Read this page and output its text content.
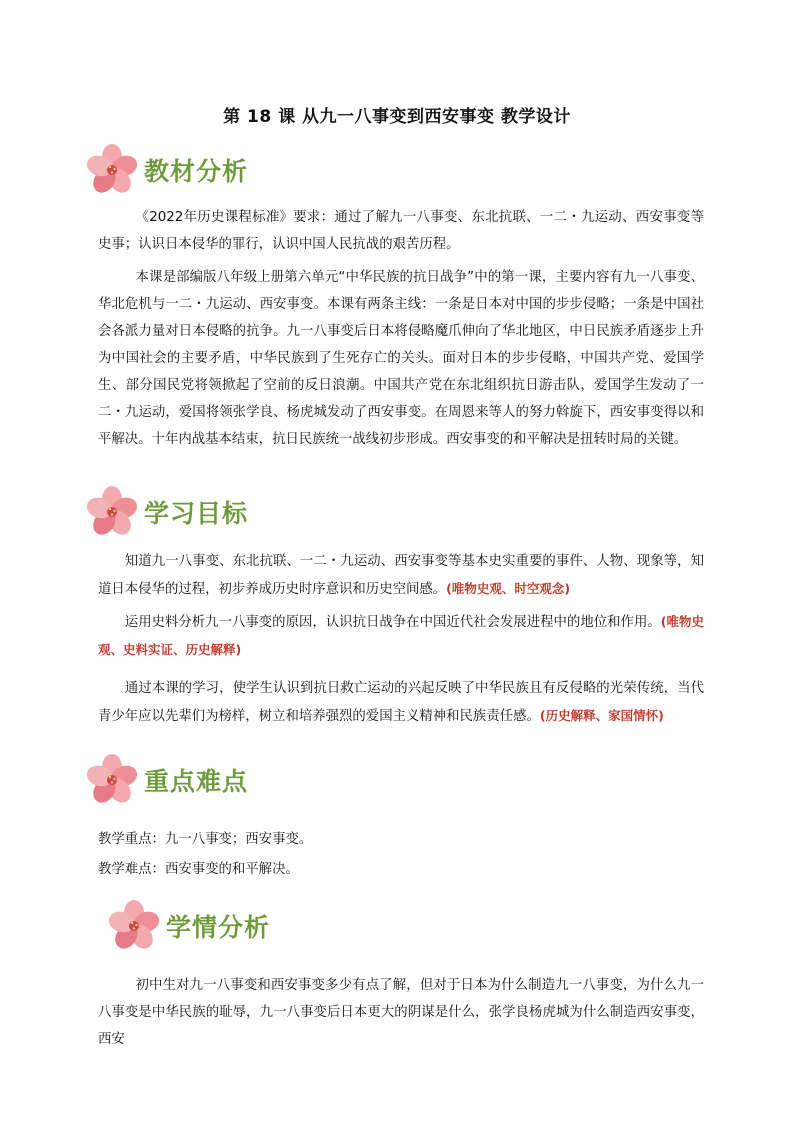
第 18 课 从九一八事变到西安事变 教学设计
教材分析
《2022年历史课程标准》要求：通过了解九一八事变、东北抗联、一二・九运动、西安事变等史事；认识日本侵华的罪行，认识中国人民抗战的艰苦历程。
本课是部编版八年级上册第六单元“中华民族的抗日战争”中的第一课，主要内容有九一八事变、华北危机与一二・九运动、西安事变。本课有两条主线：一条是日本对中国的步步侵略；一条是中国社会各派力量对日本侵略的抗争。九一八事变后日本将侵略魔爪伸向了华北地区，中日民族矛盾逐步上升为中国社会的主要矛盾，中华民族到了生死存亡的关头。面对日本的步步侵略，中国共产党、爱国学生、部分国民党将领掀起了空前的反日浪潮。中国共产党在东北组织抗日游击队，爱国学生发动了一二・九运动，爱国将领张学良、杨虎城发动了西安事变。在周恩来等人的努力斡旋下，西安事变得以和平解决。十年内战基本结束，抗日民族统一战线初步形成。西安事变的和平解决是扭转时局的关键。
学习目标
知道九一八事变、东北抗联、一二・九运动、西安事变等基本史实重要的事件、人物、现象等，知道日本侵华的过程，初步养成历史时序意识和历史空间感。(唯物史观、时空观念)
运用史料分析九一八事变的原因，认识抗日战争在中国近代社会发展进程中的地位和作用。(唯物史观、史料实证、历史解释)
通过本课的学习，使学生认识到抗日救亡运动的兴起反映了中华民族且有反侵略的光荣传统，当代青少年应以先辈们为榜样，树立和培养强烈的爱国主义精神和民族责任感。(历史解释、家国情怀)
重点难点
教学重点：九一八事变；西安事变。
教学难点：西安事变的和平解决。
学情分析
初中生对九一八事变和西安事变多少有点了解，但对于日本为什么制造九一八事变，为什么九一八事变是中华民族的耻辱，九一八事变后日本更大的阴谋是什么，张学良杨虎城为什么制造西安事变，西安
